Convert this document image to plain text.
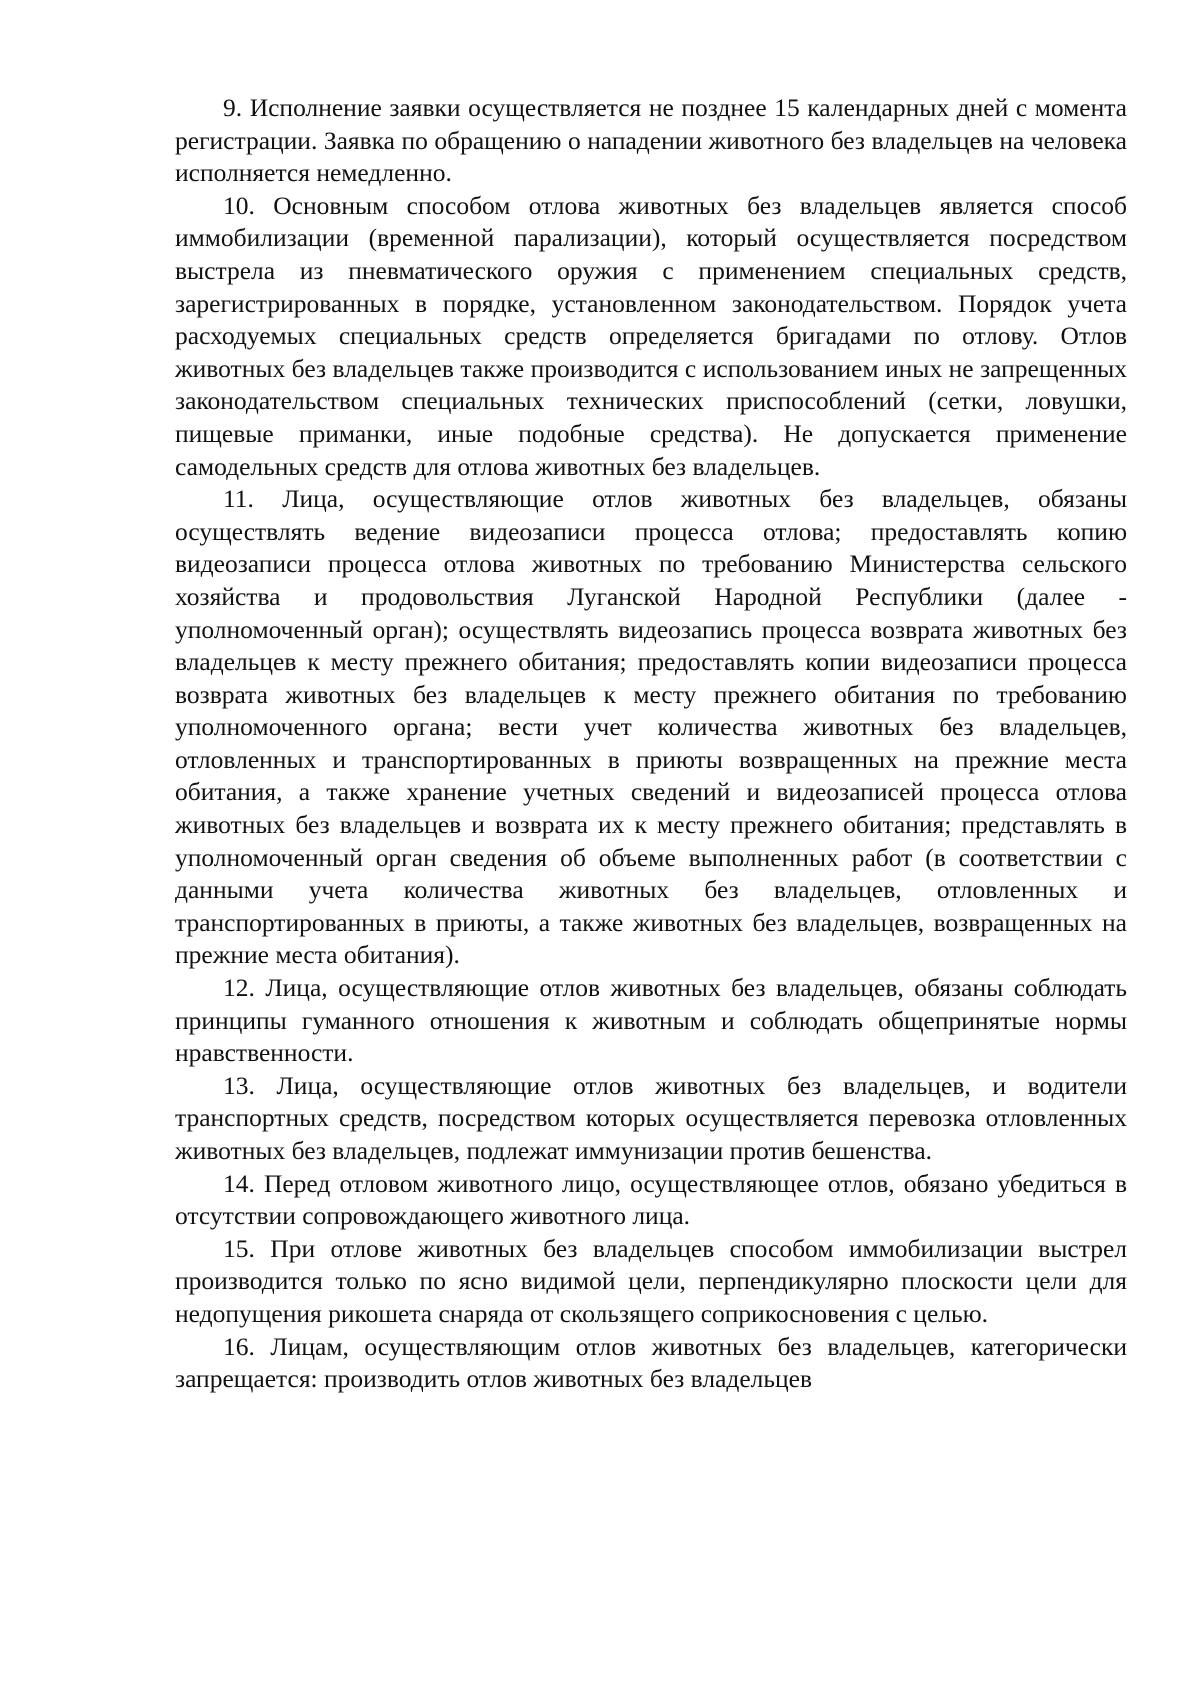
9. Исполнение заявки осуществляется не позднее 15 календарных дней с момента регистрации. Заявка по обращению о нападении животного без владельцев на человека исполняется немедленно.

10. Основным способом отлова животных без владельцев является способ иммобилизации (временной парализации), который осуществляется посредством выстрела из пневматического оружия с применением специальных средств, зарегистрированных в порядке, установленном законодательством. Порядок учета расходуемых специальных средств определяется бригадами по отлову. Отлов животных без владельцев также производится с использованием иных не запрещенных законодательством специальных технических приспособлений (сетки, ловушки, пищевые приманки, иные подобные средства). Не допускается применение самодельных средств для отлова животных без владельцев.

11. Лица, осуществляющие отлов животных без владельцев, обязаны осуществлять ведение видеозаписи процесса отлова; предоставлять копию видеозаписи процесса отлова животных по требованию Министерства сельского хозяйства и продовольствия Луганской Народной Республики (далее - уполномоченный орган); осуществлять видеозапись процесса возврата животных без владельцев к месту прежнего обитания; предоставлять копии видеозаписи процесса возврата животных без владельцев к месту прежнего обитания по требованию уполномоченного органа; вести учет количества животных без владельцев, отловленных и транспортированных в приюты возвращенных на прежние места обитания, а также хранение учетных сведений и видеозаписей процесса отлова животных без владельцев и возврата их к месту прежнего обитания; представлять в уполномоченный орган сведения об объеме выполненных работ (в соответствии с данными учета количества животных без владельцев, отловленных и транспортированных в приюты, а также животных без владельцев, возвращенных на прежние места обитания).

12. Лица, осуществляющие отлов животных без владельцев, обязаны соблюдать принципы гуманного отношения к животным и соблюдать общепринятые нормы нравственности.

13. Лица, осуществляющие отлов животных без владельцев, и водители транспортных средств, посредством которых осуществляется перевозка отловленных животных без владельцев, подлежат иммунизации против бешенства.

14. Перед отловом животного лицо, осуществляющее отлов, обязано убедиться в отсутствии сопровождающего животного лица.

15. При отлове животных без владельцев способом иммобилизации выстрел производится только по ясно видимой цели, перпендикулярно плоскости цели для недопущения рикошета снаряда от скользящего соприкосновения с целью.

16. Лицам, осуществляющим отлов животных без владельцев, категорически запрещается: производить отлов животных без владельцев
